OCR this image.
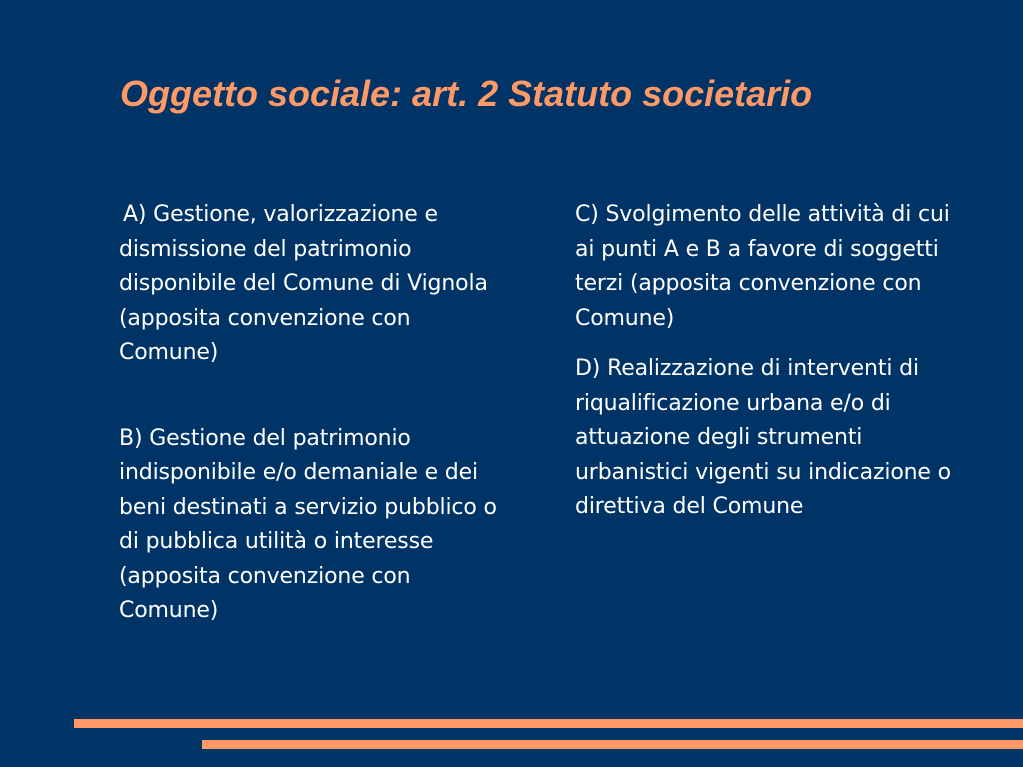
Oggetto sociale: art. 2 Statuto societario

A) Gestione, valorizzazione e dismissione del patrimonio disponibile del Comune di Vignola (apposita convenzione con Comune)

B) Gestione del patrimonio indisponibile e/o demaniale e dei beni destinati a servizio pubblico o di pubblica utilità o interesse (apposita convenzione con Comune)

C) Svolgimento delle attività di cui ai punti A e B a favore di soggetti terzi (apposita convenzione con Comune)

D) Realizzazione di interventi di riqualificazione urbana e/o di attuazione degli strumenti urbanistici vigenti su indicazione o direttiva del Comune
